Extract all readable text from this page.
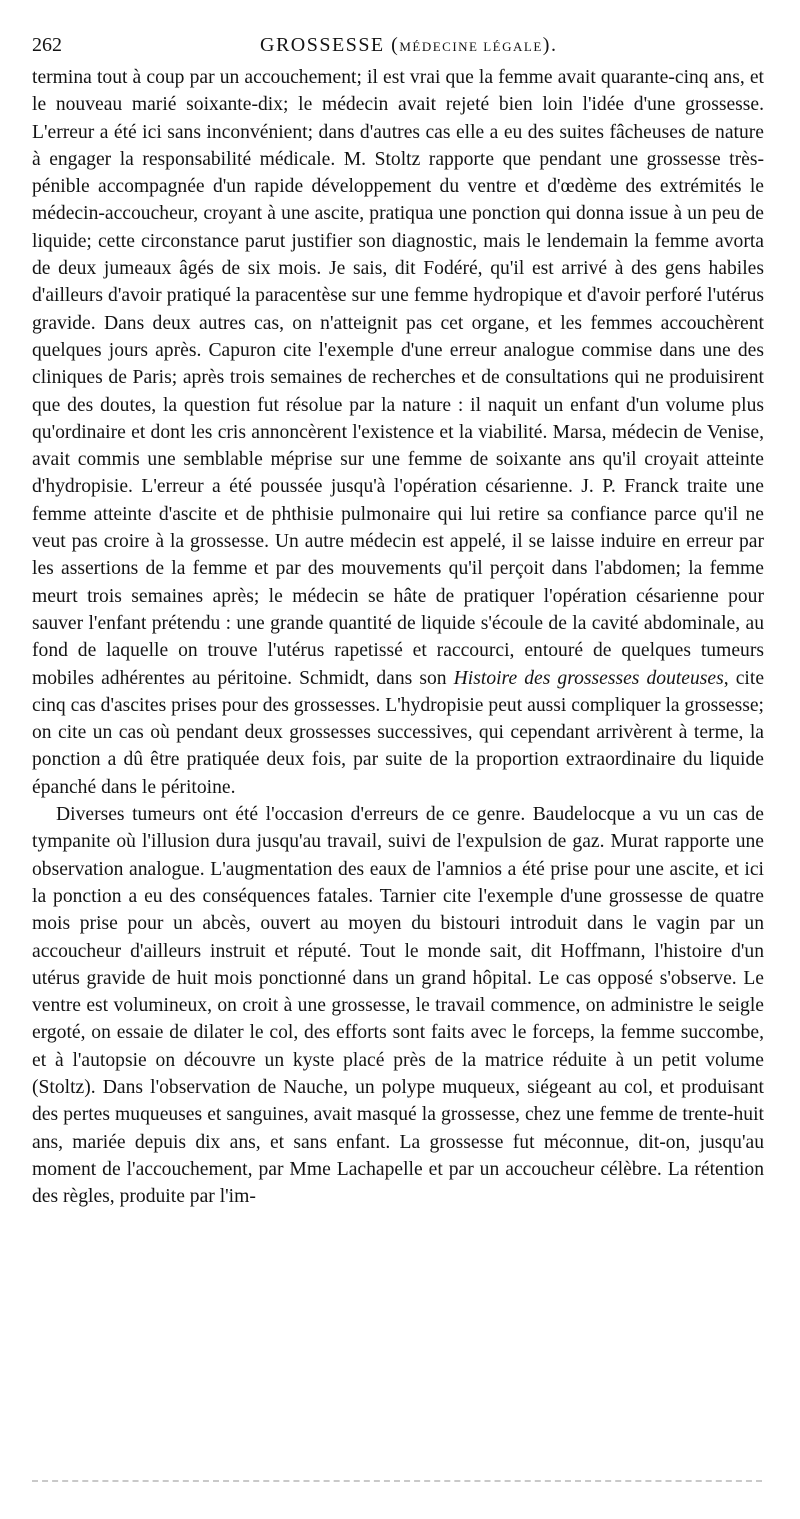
262	GROSSESSE (MÉDECINE LÉGALE).

termina tout à coup par un accouchement; il est vrai que la femme avait quarante-cinq ans, et le nouveau marié soixante-dix; le médecin avait rejeté bien loin l'idée d'une grossesse. L'erreur a été ici sans inconvénient; dans d'autres cas elle a eu des suites fâcheuses de nature à engager la responsabilité médicale. M. Stoltz rapporte que pendant une grossesse très-pénible accompagnée d'un rapide développement du ventre et d'œdème des extrémités le médecin-accoucheur, croyant à une ascite, pratiqua une ponction qui donna issue à un peu de liquide; cette circonstance parut justifier son diagnostic, mais le lendemain la femme avorta de deux jumeaux âgés de six mois. Je sais, dit Fodéré, qu'il est arrivé à des gens habiles d'ailleurs d'avoir pratiqué la paracentèse sur une femme hydropique et d'avoir perforé l'utérus gravide. Dans deux autres cas, on n'atteignit pas cet organe, et les femmes accouchèrent quelques jours après. Capuron cite l'exemple d'une erreur analogue commise dans une des cliniques de Paris; après trois semaines de recherches et de consultations qui ne produisirent que des doutes, la question fut résolue par la nature : il naquit un enfant d'un volume plus qu'ordinaire et dont les cris annoncèrent l'existence et la viabilité. Marsa, médecin de Venise, avait commis une semblable méprise sur une femme de soixante ans qu'il croyait atteinte d'hydropisie. L'erreur a été poussée jusqu'à l'opération césarienne. J. P. Franck traite une femme atteinte d'ascite et de phthisie pulmonaire qui lui retire sa confiance parce qu'il ne veut pas croire à la grossesse. Un autre médecin est appelé, il se laisse induire en erreur par les assertions de la femme et par des mouvements qu'il perçoit dans l'abdomen; la femme meurt trois semaines après; le médecin se hâte de pratiquer l'opération césarienne pour sauver l'enfant prétendu : une grande quantité de liquide s'écoule de la cavité abdominale, au fond de laquelle on trouve l'utérus rapetissé et raccourci, entouré de quelques tumeurs mobiles adhérentes au péritoine. Schmidt, dans son Histoire des grossesses douteuses, cite cinq cas d'ascites prises pour des grossesses. L'hydropisie peut aussi compliquer la grossesse; on cite un cas où pendant deux grossesses successives, qui cependant arrivèrent à terme, la ponction a dû être pratiquée deux fois, par suite de la proportion extraordinaire du liquide épanché dans le péritoine.

Diverses tumeurs ont été l'occasion d'erreurs de ce genre. Baudelocque a vu un cas de tympanite où l'illusion dura jusqu'au travail, suivi de l'expulsion de gaz. Murat rapporte une observation analogue. L'augmentation des eaux de l'amnios a été prise pour une ascite, et ici la ponction a eu des conséquences fatales. Tarnier cite l'exemple d'une grossesse de quatre mois prise pour un abcès, ouvert au moyen du bistouri introduit dans le vagin par un accoucheur d'ailleurs instruit et réputé. Tout le monde sait, dit Hoffmann, l'histoire d'un utérus gravide de huit mois ponctionné dans un grand hôpital. Le cas opposé s'observe. Le ventre est volumineux, on croit à une grossesse, le travail commence, on administre le seigle ergoté, on essaie de dilater le col, des efforts sont faits avec le forceps, la femme succombe, et à l'autopsie on découvre un kyste placé près de la matrice réduite à un petit volume (Stoltz). Dans l'observation de Nauche, un polype muqueux, siégeant au col, et produisant des pertes muqueuses et sanguines, avait masqué la grossesse, chez une femme de trente-huit ans, mariée depuis dix ans, et sans enfant. La grossesse fut méconnue, dit-on, jusqu'au moment de l'accouchement, par Mme Lachapelle et par un accoucheur célèbre. La rétention des règles, produite par l'im-
